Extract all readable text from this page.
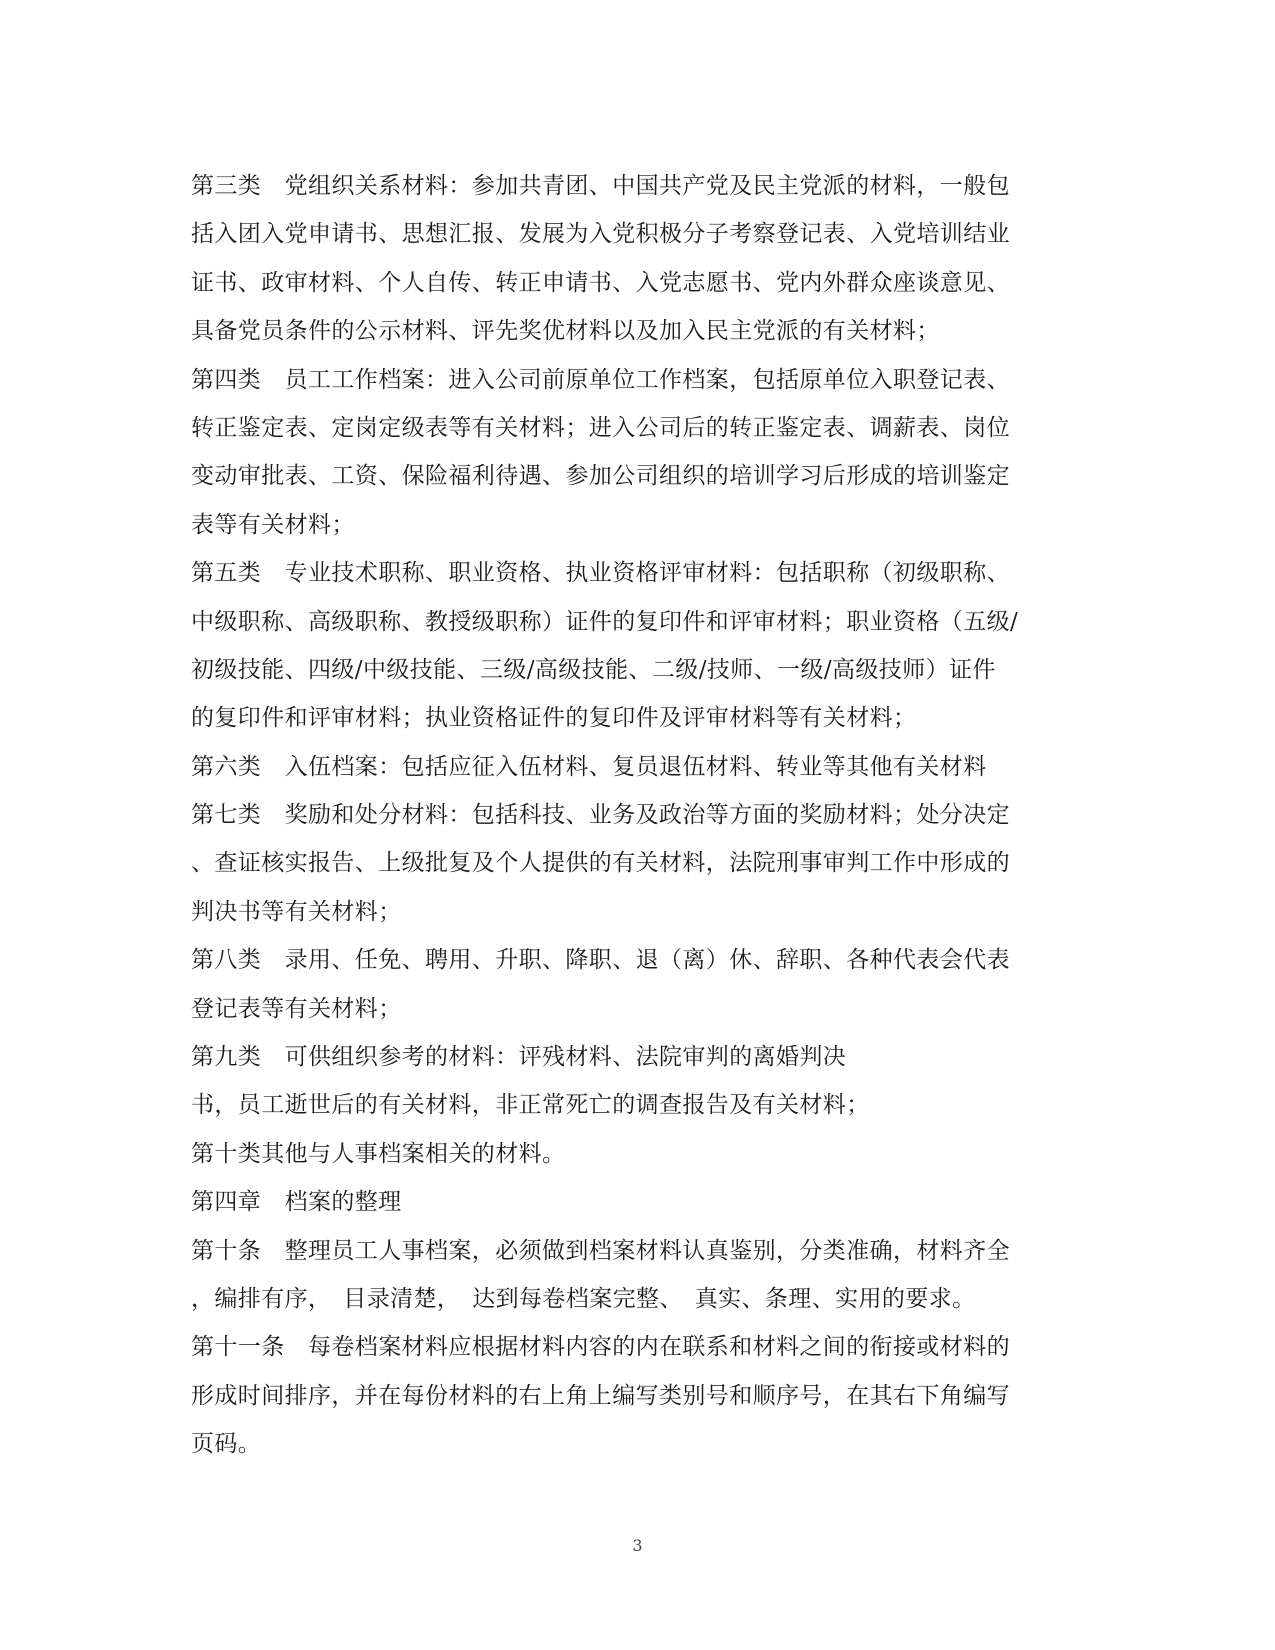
第三类　党组织关系材料：参加共青团、中国共产党及民主党派的材料，一般包
括入团入党申请书、思想汇报、发展为入党积极分子考察登记表、入党培训结业
证书、政审材料、个人自传、转正申请书、入党志愿书、党内外群众座谈意见、
具备党员条件的公示材料、评先奖优材料以及加入民主党派的有关材料；
第四类　员工工作档案：进入公司前原单位工作档案，包括原单位入职登记表、
转正鉴定表、定岗定级表等有关材料；进入公司后的转正鉴定表、调薪表、岗位
变动审批表、工资、保险福利待遇、参加公司组织的培训学习后形成的培训鉴定
表等有关材料；
第五类　专业技术职称、职业资格、执业资格评审材料：包括职称（初级职称、
中级职称、高级职称、教授级职称）证件的复印件和评审材料；职业资格（五级/
初级技能、四级/中级技能、三级/高级技能、二级/技师、一级/高级技师）证件
的复印件和评审材料；执业资格证件的复印件及评审材料等有关材料；
第六类　入伍档案：包括应征入伍材料、复员退伍材料、转业等其他有关材料
第七类　奖励和处分材料：包括科技、业务及政治等方面的奖励材料；处分决定
、查证核实报告、上级批复及个人提供的有关材料，法院刑事审判工作中形成的
判决书等有关材料；
第八类　录用、任免、聘用、升职、降职、退（离）休、辞职、各种代表会代表
登记表等有关材料；
第九类　可供组织参考的材料：评残材料、法院审判的离婚判决
书，员工逝世后的有关材料，非正常死亡的调查报告及有关材料；
第十类其他与人事档案相关的材料。
第四章　档案的整理
第十条　整理员工人事档案，必须做到档案材料认真鉴别，分类准确，材料齐全
，编排有序，　目录清楚，　达到每卷档案完整、　真实、条理、实用的要求。
第十一条　每卷档案材料应根据材料内容的内在联系和材料之间的衔接或材料的
形成时间排序，并在每份材料的右上角上编写类别号和顺序号，在其右下角编写
页码。
3
